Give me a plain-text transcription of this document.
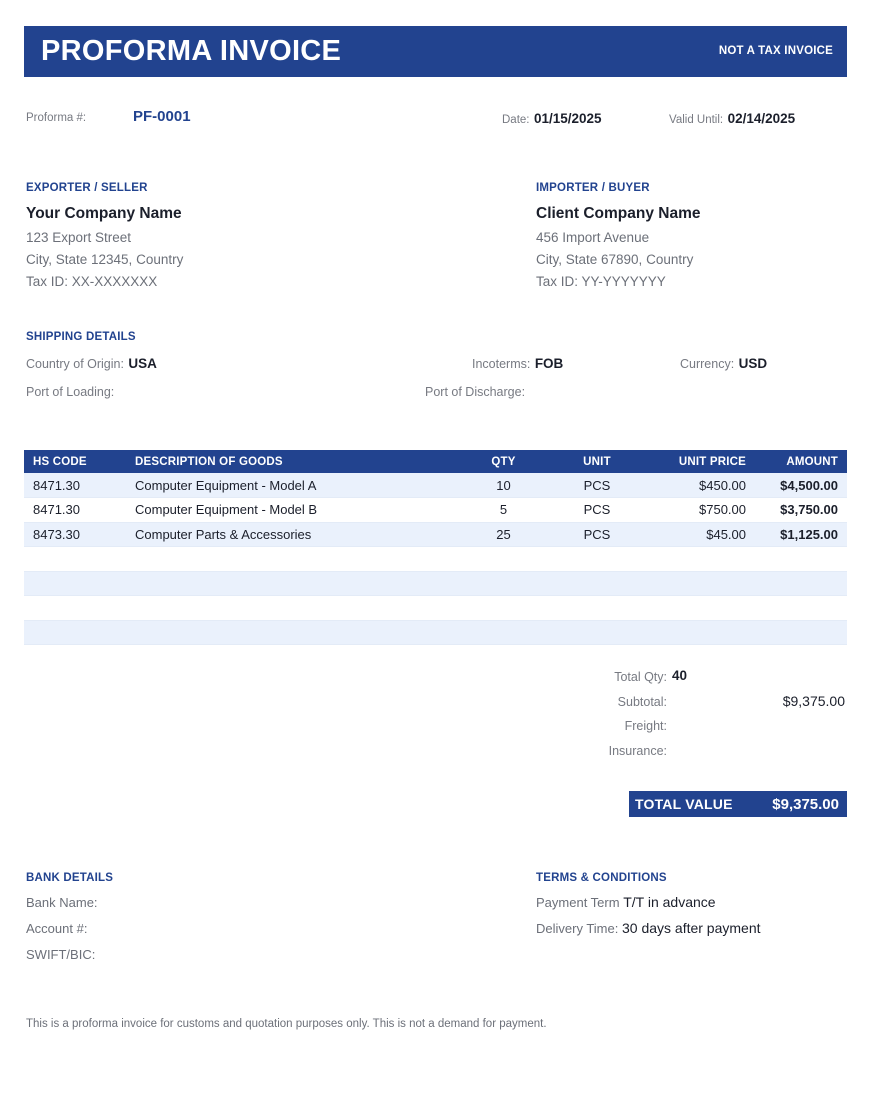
PROFORMA INVOICE	NOT A TAX INVOICE
Proforma #:	PF-0001	Date: 01/15/2025	Valid Until: 02/14/2025
EXPORTER / SELLER
Your Company Name
123 Export Street
City, State 12345, Country
Tax ID: XX-XXXXXXX
IMPORTER / BUYER
Client Company Name
456 Import Avenue
City, State 67890, Country
Tax ID: YY-YYYYYYY
SHIPPING DETAILS
Country of Origin: USA	Incoterms: FOB	Currency: USD
Port of Loading:	Port of Discharge:
HS CODE	DESCRIPTION OF GOODS	QTY	UNIT	UNIT PRICE	AMOUNT
8471.30	Computer Equipment - Model A	10	PCS	$450.00	$4,500.00
8471.30	Computer Equipment - Model B	5	PCS	$750.00	$3,750.00
8473.30	Computer Parts & Accessories	25	PCS	$45.00	$1,125.00

Total Qty: 40
Subtotal:	$9,375.00
Freight:
Insurance:
TOTAL VALUE	$9,375.00
BANK DETAILS
Bank Name:
Account #:
SWIFT/BIC:
TERMS & CONDITIONS
Payment Term T/T in advance
Delivery Time: 30 days after payment
This is a proforma invoice for customs and quotation purposes only. This is not a demand for payment.
